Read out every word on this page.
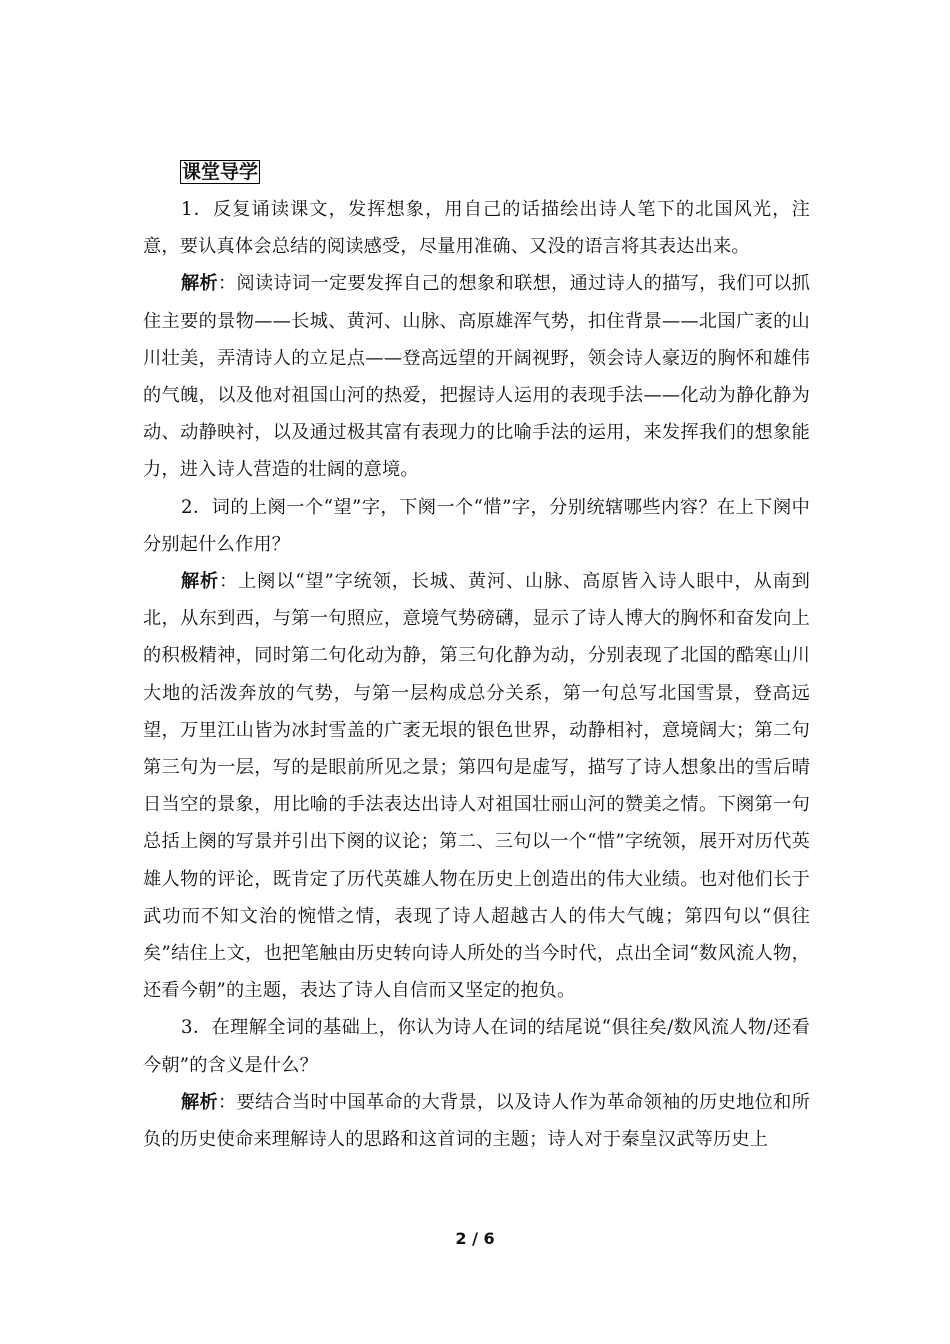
课堂导学

1．反复诵读课文，发挥想象，用自己的话描绘出诗人笔下的北国风光，注意，要认真体会总结的阅读感受，尽量用准确、又没的语言将其表达出来。

解析：阅读诗词一定要发挥自己的想象和联想，通过诗人的描写，我们可以抓住主要的景物——长城、黄河、山脉、高原雄浑气势，扣住背景——北国广袤的山川壮美，弄清诗人的立足点——登高远望的开阔视野，领会诗人豪迈的胸怀和雄伟的气魄，以及他对祖国山河的热爱，把握诗人运用的表现手法——化动为静化静为动、动静映衬，以及通过极其富有表现力的比喻手法的运用，来发挥我们的想象能力，进入诗人营造的壮阔的意境。

2．词的上阕一个“望”字，下阕一个“惜”字，分别统辖哪些内容？在上下阕中分别起什么作用？

解析：上阕以“望”字统领，长城、黄河、山脉、高原皆入诗人眼中，从南到北，从东到西，与第一句照应，意境气势磅礴，显示了诗人博大的胸怀和奋发向上的积极精神，同时第二句化动为静，第三句化静为动，分别表现了北国的酷寒山川大地的活泼奔放的气势，与第一层构成总分关系，第一句总写北国雪景，登高远望，万里江山皆为冰封雪盖的广袤无垠的银色世界，动静相衬，意境阔大；第二句第三句为一层，写的是眼前所见之景；第四句是虚写，描写了诗人想象出的雪后晴日当空的景象，用比喻的手法表达出诗人对祖国壮丽山河的赞美之情。下阕第一句总括上阕的写景并引出下阕的议论；第二、三句以一个“惜”字统领，展开对历代英雄人物的评论，既肯定了历代英雄人物在历史上创造出的伟大业绩。也对他们长于武功而不知文治的惋惜之情，表现了诗人超越古人的伟大气魄；第四句以“俱往矣”结住上文，也把笔触由历史转向诗人所处的当今时代，点出全词“数风流人物，还看今朝”的主题，表达了诗人自信而又坚定的抱负。

3．在理解全词的基础上，你认为诗人在词的结尾说“俱往矣/数风流人物/还看今朝”的含义是什么？

解析：要结合当时中国革命的大背景，以及诗人作为革命领袖的历史地位和所负的历史使命来理解诗人的思路和这首词的主题；诗人对于秦皇汉武等历史上

2 / 6
